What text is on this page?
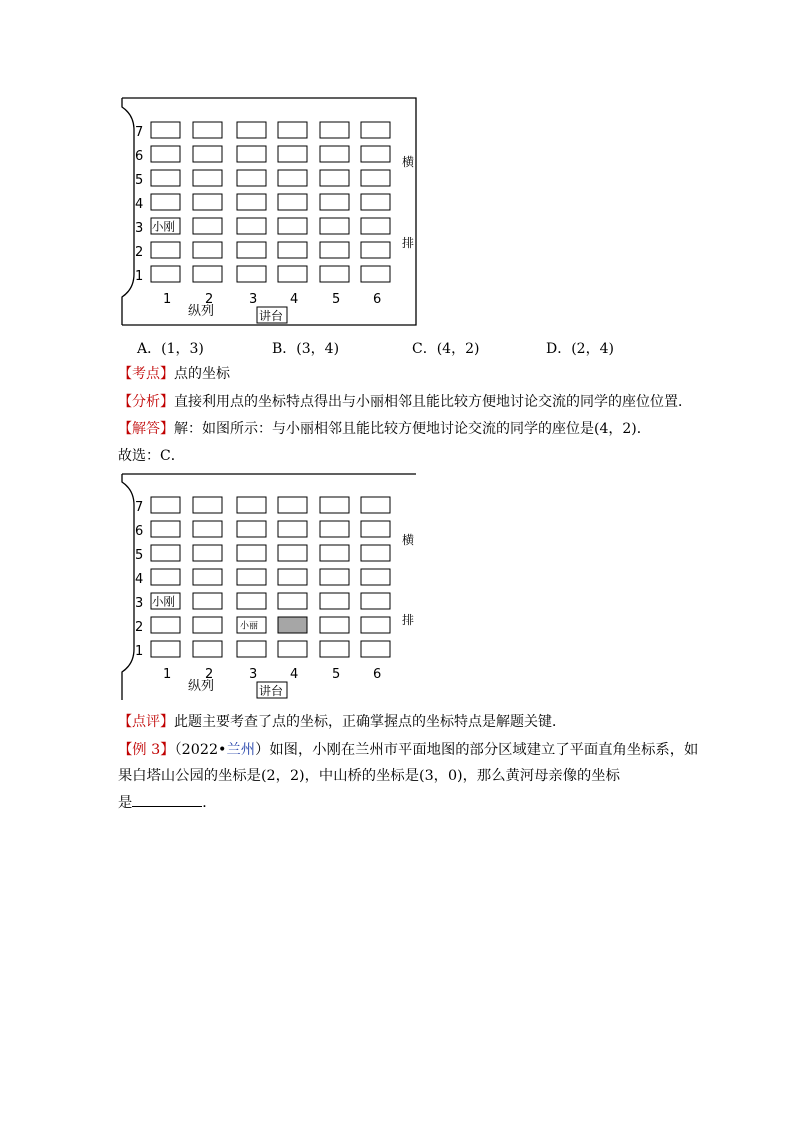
小刚
7
6
5
4
3
2
1
1	2	3	4	5	6
纵列	讲台
横
排
A．(1，3)	B．(3，4)	C．(4，2)	D．(2，4)
【考点】点的坐标
【分析】直接利用点的坐标特点得出与小丽相邻且能比较方便地讨论交流的同学的座位位置．
【解答】解：如图所示：与小丽相邻且能比较方便地讨论交流的同学的座位是(4，2)．
故选：C．
小刚
小丽
7
6
5
4
3
2
1
1	2	3	4	5	6
纵列	讲台
横
排
【点评】此题主要考查了点的坐标，正确掌握点的坐标特点是解题关键．
【例 3】（2022•兰州）如图，小刚在兰州市平面地图的部分区域建立了平面直角坐标系，如
果白塔山公园的坐标是(2，2)，中山桥的坐标是(3，0)，那么黄河母亲像的坐标
是	．
